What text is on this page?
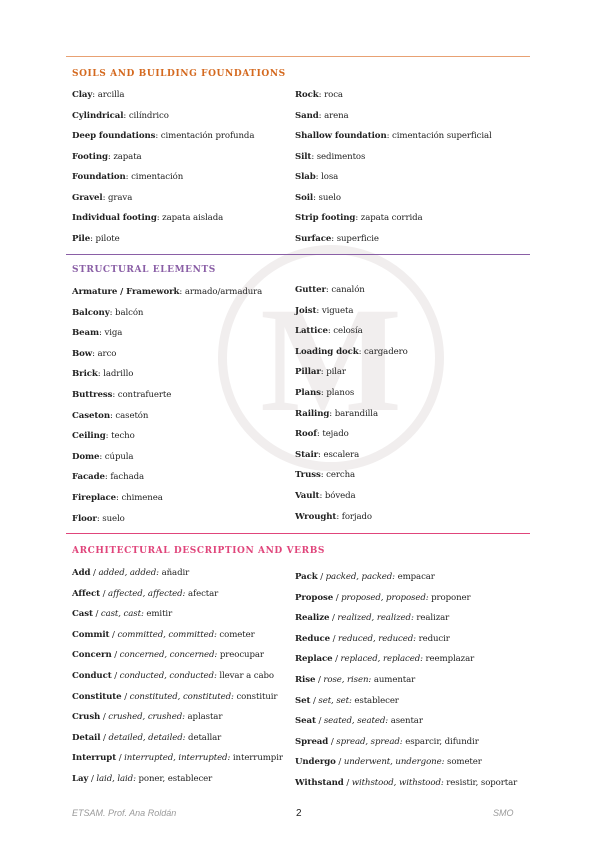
M
SOILS AND BUILDING FOUNDATIONS
Clay: arcilla
Cylindrical: cilíndrico
Deep foundations: cimentación profunda
Footing: zapata
Foundation: cimentación
Gravel: grava
Individual footing: zapata aislada
Pile: pilote
Rock: roca
Sand: arena
Shallow foundation: cimentación superficial
Silt: sedimentos
Slab: losa
Soil: suelo
Strip footing: zapata corrida
Surface: superficie
STRUCTURAL ELEMENTS
Armature / Framework: armado/armadura
Balcony: balcón
Beam: viga
Bow: arco
Brick: ladrillo
Buttress: contrafuerte
Caseton: casetón
Ceiling: techo
Dome: cúpula
Facade: fachada
Fireplace: chimenea
Floor: suelo
Gutter: canalón
Joist: vigueta
Lattice: celosía
Loading dock: cargadero
Pillar: pilar
Plans: planos
Railing: barandilla
Roof: tejado
Stair: escalera
Truss: cercha
Vault: bóveda
Wrought: forjado
ARCHITECTURAL DESCRIPTION AND VERBS
Add / added, added: añadir
Affect / affected, affected: afectar
Cast / cast, cast: emitir
Commit / committed, committed: cometer
Concern / concerned, concerned: preocupar
Conduct / conducted, conducted: llevar a cabo
Constitute / constituted, constituted: constituir
Crush / crushed, crushed: aplastar
Detail / detailed, detailed: detallar
Interrupt / interrupted, interrupted: interrumpir
Lay / laid, laid: poner, establecer
Pack / packed, packed: empacar
Propose / proposed, proposed: proponer
Realize / realized, realized: realizar
Reduce / reduced, reduced: reducir
Replace / replaced, replaced: reemplazar
Rise / rose, risen: aumentar
Set / set, set: establecer
Seat / seated, seated: asentar
Spread / spread, spread: esparcir, difundir
Undergo / underwent, undergone: someter
Withstand / withstood, withstood: resistir, soportar
ETSAM. Prof. Ana Roldán	2	SMO
